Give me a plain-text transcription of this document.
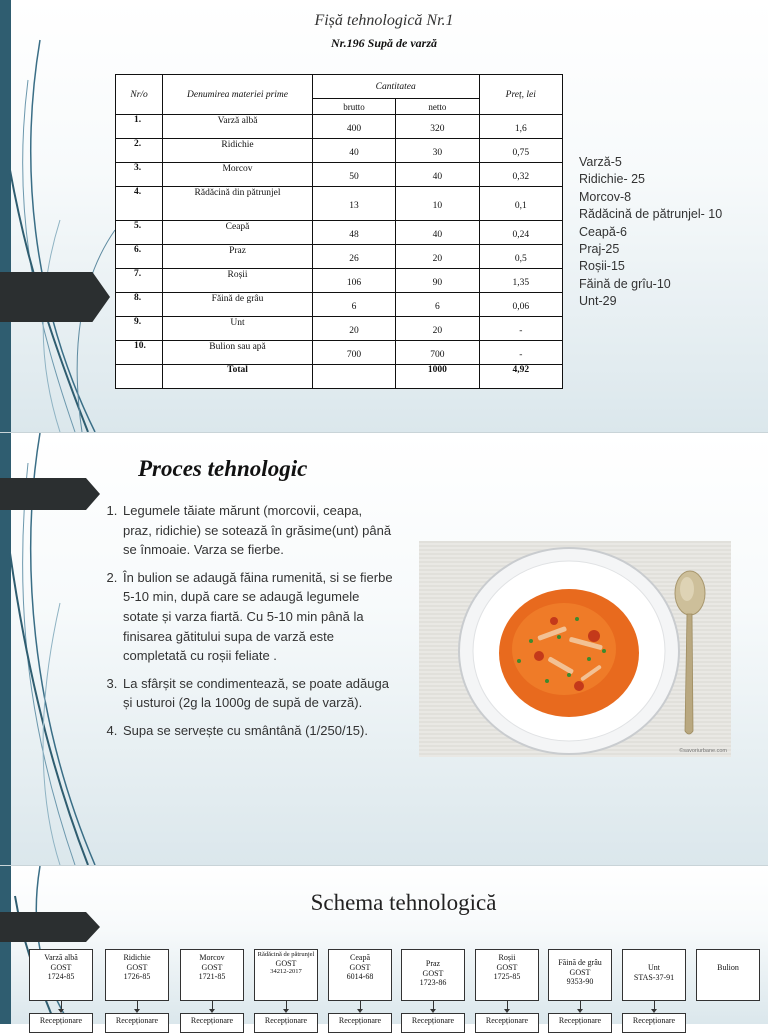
Fișă tehnologică Nr.1
Nr.196 Supă de varză
Nr/o	Denumirea materiei prime	Cantitatea		Preț, lei
		brutto	netto	
1.	Varză albă	400	320	1,6
2.	Ridichie	40	30	0,75
3.	Morcov	50	40	0,32
4.	Rădăcină din pătrunjel	13	10	0,1
5.	Ceapă	48	40	0,24
6.	Praz	26	20	0,5
7.	Roșii	106	90	1,35
8.	Făină de grâu	6	6	0,06
9.	Unt	20	20	-
10.	Bulion sau apă	700	700	-
	Total		1000	4,92
Varză-5
Ridichie- 25
Morcov-8
Rădăcină de pătrunjel- 10
Ceapă-6
Praj-25
Roșii-15
Făină de grîu-10
Unt-29
Proces tehnologic
1. Legumele tăiate mărunt (morcovii, ceapa, praz, ridichie) se sotează în grăsime(unt) până se înmoaie. Varza se fierbe.
2. În bulion se adaugă făina rumenită, si se fierbe 5-10 min, după care se adaugă legumele sotate și varza fiartă. Cu 5-10 min până la finisarea gătitului supa de varză este completată cu roșii feliate .
3. La sfârșit se condimentează, se poate adăuga și usturoi (2g la 1000g de supă de varză).
4. Supa se servește cu smântână (1/250/15).
©savoriurbane.com
Schema tehnologică
Varză albă
GOST
1724-85
Ridichie
GOST
1726-85
Morcov
GOST
1721-85
Rădăcină de pătrunjel
GOST
34212-2017
Ceapă
GOST
6014-68
Praz
GOST
1723-86
Roșii
GOST
1725-85
Făină de grâu
GOST
9353-90
Unt
STAS-37-91
Bulion
Recepționare	Recepționare	Recepționare	Recepționare	Recepționare	Recepționare	Recepționare	Recepționare	Recepționare
